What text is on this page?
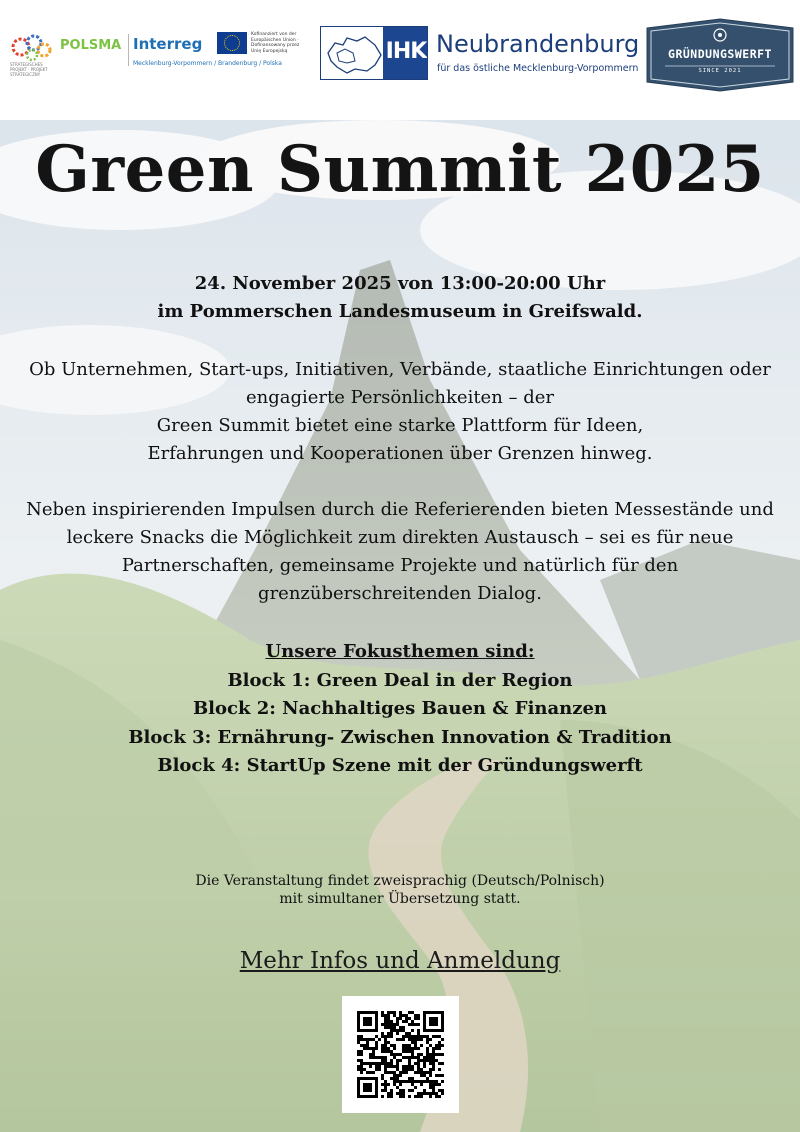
POLSMA
STRATEGISCHES PROJEKT · PROJEKT STRATEGICZNY
Interreg
Kofinanziert von der Europäischen Union · Dofinansowany przez Unię Europejską
Mecklenburg-Vorpommern / Brandenburg / Polska	IHK Neubrandenburg
für das östliche Mecklenburg-Vorpommern
GRÜNDUNGSWERFT
SINCE 2021
Green Summit 2025
24. November 2025 von 13:00-20:00 Uhr
im Pommerschen Landesmuseum in Greifswald.
Ob Unternehmen, Start-ups, Initiativen, Verbände, staatliche Einrichtungen oder
engagierte Persönlichkeiten – der
Green Summit bietet eine starke Plattform für Ideen,
Erfahrungen und Kooperationen über Grenzen hinweg.
Neben inspirierenden Impulsen durch die Referierenden bieten Messestände und
leckere Snacks die Möglichkeit zum direkten Austausch – sei es für neue
Partnerschaften, gemeinsame Projekte und natürlich für den
grenzüberschreitenden Dialog.
Unsere Fokusthemen sind:
Block 1: Green Deal in der Region
Block 2: Nachhaltiges Bauen & Finanzen
Block 3: Ernährung- Zwischen Innovation & Tradition
Block 4: StartUp Szene mit der Gründungswerft
Die Veranstaltung findet zweisprachig (Deutsch/Polnisch)
mit simultaner Übersetzung statt.
Mehr Infos und Anmeldung
